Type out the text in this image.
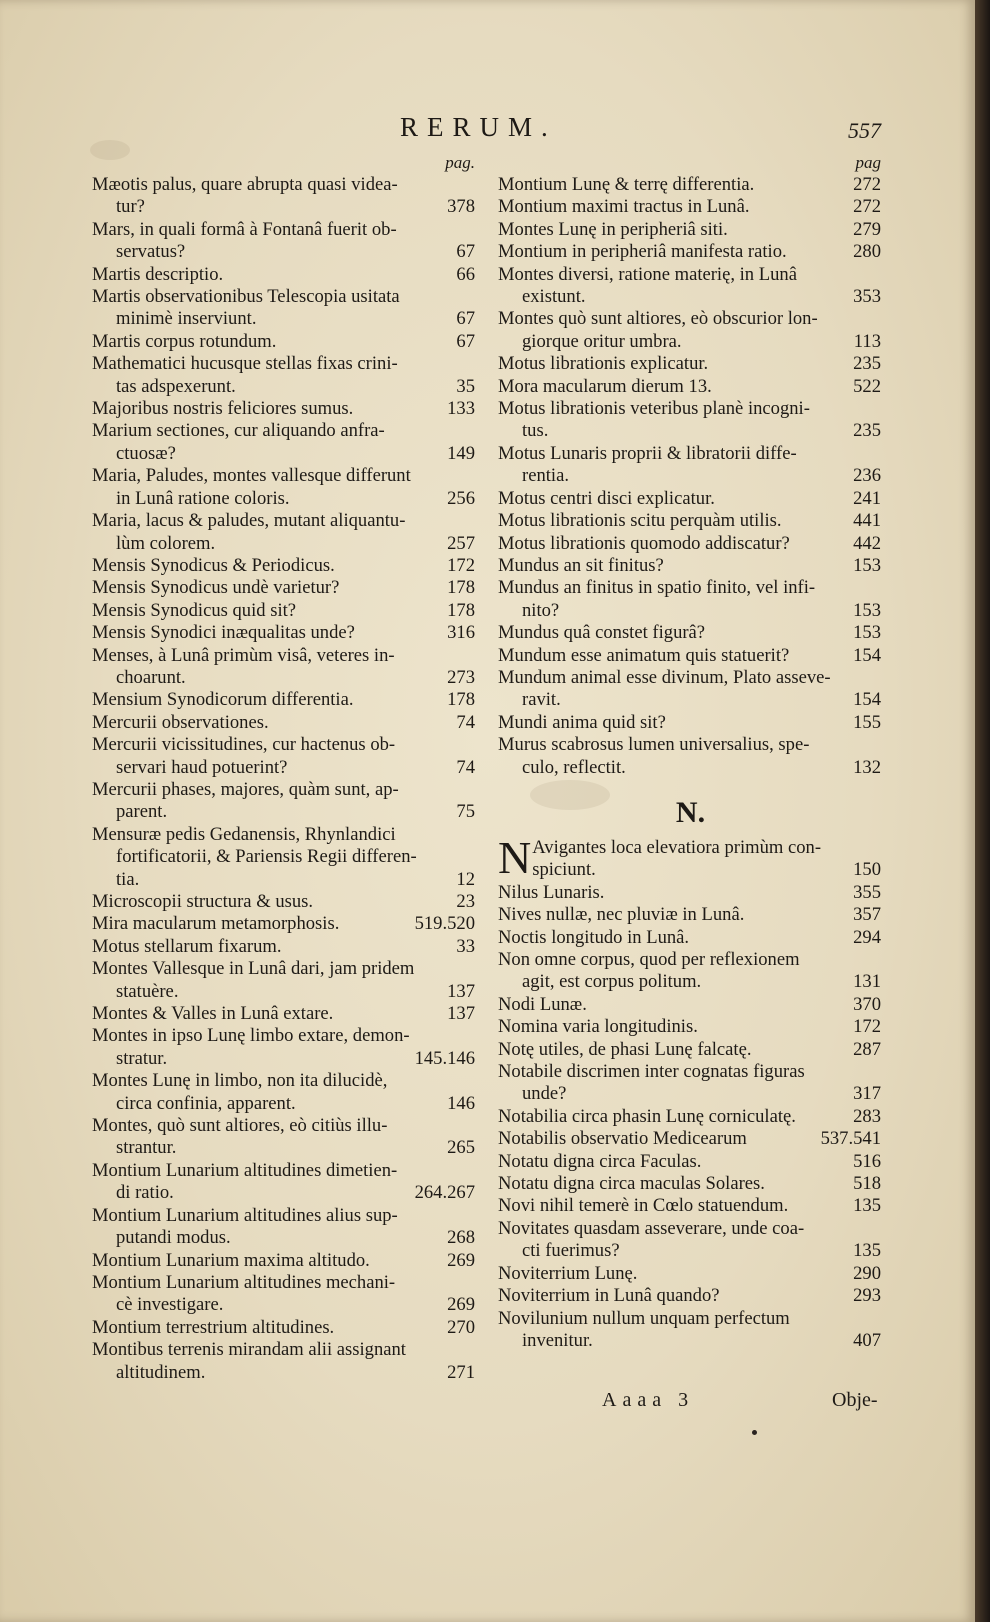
RERUM.	557
pag.
Mæotis palus, quare abrupta quasi videa-
tur?	378
Mars, in quali formâ à Fontanâ fuerit ob-
servatus?	67
Martis descriptio.	66
Martis observationibus Telescopia usitata
minimè inserviunt.	67
Martis corpus rotundum.	67
Mathematici hucusque stellas fixas crini-
tas adspexerunt.	35
Majoribus nostris feliciores sumus.	133
Marium sectiones, cur aliquando anfra-
ctuosæ?	149
Maria, Paludes, montes vallesque differunt
in Lunâ ratione coloris.	256
Maria, lacus & paludes, mutant aliquantu-
lùm colorem.	257
Mensis Synodicus & Periodicus.	172
Mensis Synodicus undè varietur?	178
Mensis Synodicus quid sit?	178
Mensis Synodici inæqualitas unde?	316
Menses, à Lunâ primùm visâ, veteres in-
choarunt.	273
Mensium Synodicorum differentia.	178
Mercurii observationes.	74
Mercurii vicissitudines, cur hactenus ob-
servari haud potuerint?	74
Mercurii phases, majores, quàm sunt, ap-
parent.	75
Mensuræ pedis Gedanensis, Rhynlandici
fortificatorii, & Pariensis Regii differen-
tia.	12
Microscopii structura & usus.	23
Mira macularum metamorphosis.	519.520
Motus stellarum fixarum.	33
Montes Vallesque in Lunâ dari, jam pridem
statuère.	137
Montes & Valles in Lunâ extare.	137
Montes in ipso Lunę limbo extare, demon-
stratur.	145.146
Montes Lunę in limbo, non ita dilucidè,
circa confinia, apparent.	146
Montes, quò sunt altiores, eò citiùs illu-
strantur.	265
Montium Lunarium altitudines dimetien-
di ratio.	264.267
Montium Lunarium altitudines alius sup-
putandi modus.	268
Montium Lunarium maxima altitudo.	269
Montium Lunarium altitudines mechani-
cè investigare.	269
Montium terrestrium altitudines.	270
Montibus terrenis mirandam alii assignant
altitudinem.	271
pag
Montium Lunę & terrę differentia.	272
Montium maximi tractus in Lunâ.	272
Montes Lunę in peripheriâ siti.	279
Montium in peripheriâ manifesta ratio.	280
Montes diversi, ratione materię, in Lunâ
existunt.	353
Montes quò sunt altiores, eò obscurior lon-
giorque oritur umbra.	113
Motus librationis explicatur.	235
Mora macularum dierum 13.	522
Motus librationis veteribus planè incogni-
tus.	235
Motus Lunaris proprii & libratorii diffe-
rentia.	236
Motus centri disci explicatur.	241
Motus librationis scitu perquàm utilis.	441
Motus librationis quomodo addiscatur?	442
Mundus an sit finitus?	153
Mundus an finitus in spatio finito, vel infi-
nito?	153
Mundus quâ constet figurâ?	153
Mundum esse animatum quis statuerit?	154
Mundum animal esse divinum, Plato asseve-
ravit.	154
Mundi anima quid sit?	155
Murus scabrosus lumen universalius, spe-
culo, reflectit.	132
N.
N Avigantes loca elevatiora primùm con-
spiciunt.	150
Nilus Lunaris.	355
Nives nullæ, nec pluviæ in Lunâ.	357
Noctis longitudo in Lunâ.	294
Non omne corpus, quod per reflexionem
agit, est corpus politum.	131
Nodi Lunæ.	370
Nomina varia longitudinis.	172
Notę utiles, de phasi Lunę falcatę.	287
Notabile discrimen inter cognatas figuras
unde?	317
Notabilia circa phasin Lunę corniculatę.	283
Notabilis observatio Medicearum	537.541
Notatu digna circa Faculas.	516
Notatu digna circa maculas Solares.	518
Novi nihil temerè in Cœlo statuendum.	135
Novitates quasdam asseverare, unde coa-
cti fuerimus?	135
Noviterrium Lunę.	290
Noviterrium in Lunâ quando?	293
Novilunium nullum unquam perfectum
invenitur.	407
Aaaa 3	Obje-
